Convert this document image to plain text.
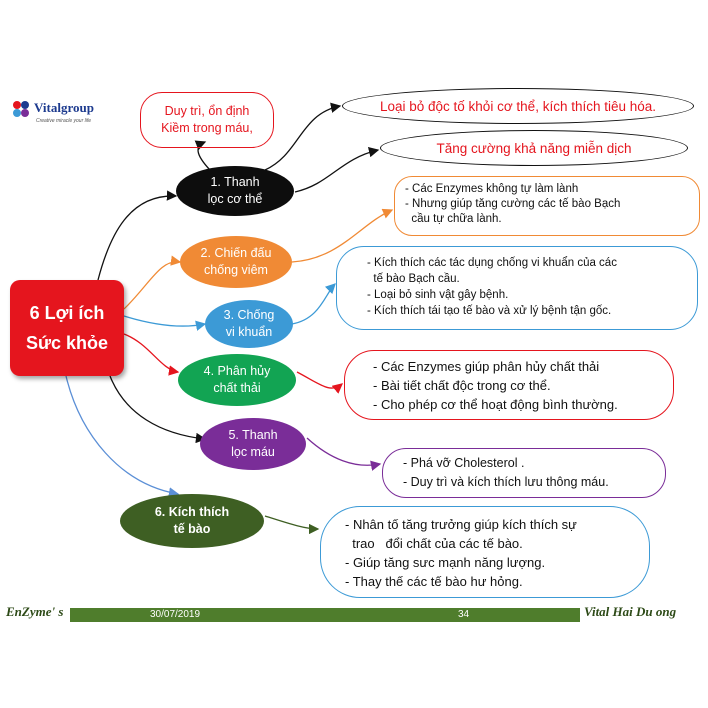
Vitalgroup
Creative miracle your life
Duy trì, ổn định
Kiềm trong máu,
Loại bỏ độc tố khỏi cơ thể, kích thích tiêu hóa.
Tăng cường khả năng miễn dịch
6 Lợi ích
Sức khỏe
1. Thanh
lọc cơ thể
2. Chiến đấu
chống viêm
3. Chống
vi khuẩn
4. Phân hủy
chất thải
5. Thanh
lọc máu
6. Kích thích
tế bào
- Các Enzymes không tự làm lành
- Nhưng giúp tăng cường các tế bào Bạch
cầu tự chữa lành.
- Kích thích các tác dụng chống vi khuẩn của các
tế bào Bạch cầu.
- Loại bỏ sinh vật gây bệnh.
- Kích thích tái tạo tế bào và xử lý bệnh tận gốc.
- Các Enzymes giúp phân hủy chất thải
- Bài tiết chất độc trong cơ thể.
- Cho phép cơ thể hoạt động bình thường.
- Phá vỡ Cholesterol .
- Duy trì và kích thích lưu thông máu.
- Nhân tố tăng trưởng giúp kích thích sự
trao   đổi chất của các tế bào.
- Giúp tăng sưc mạnh năng lượng.
- Thay thế các tế bào hư hỏng.
EnZyme' s	30/07/2019	34	Vital Hai Du ong
